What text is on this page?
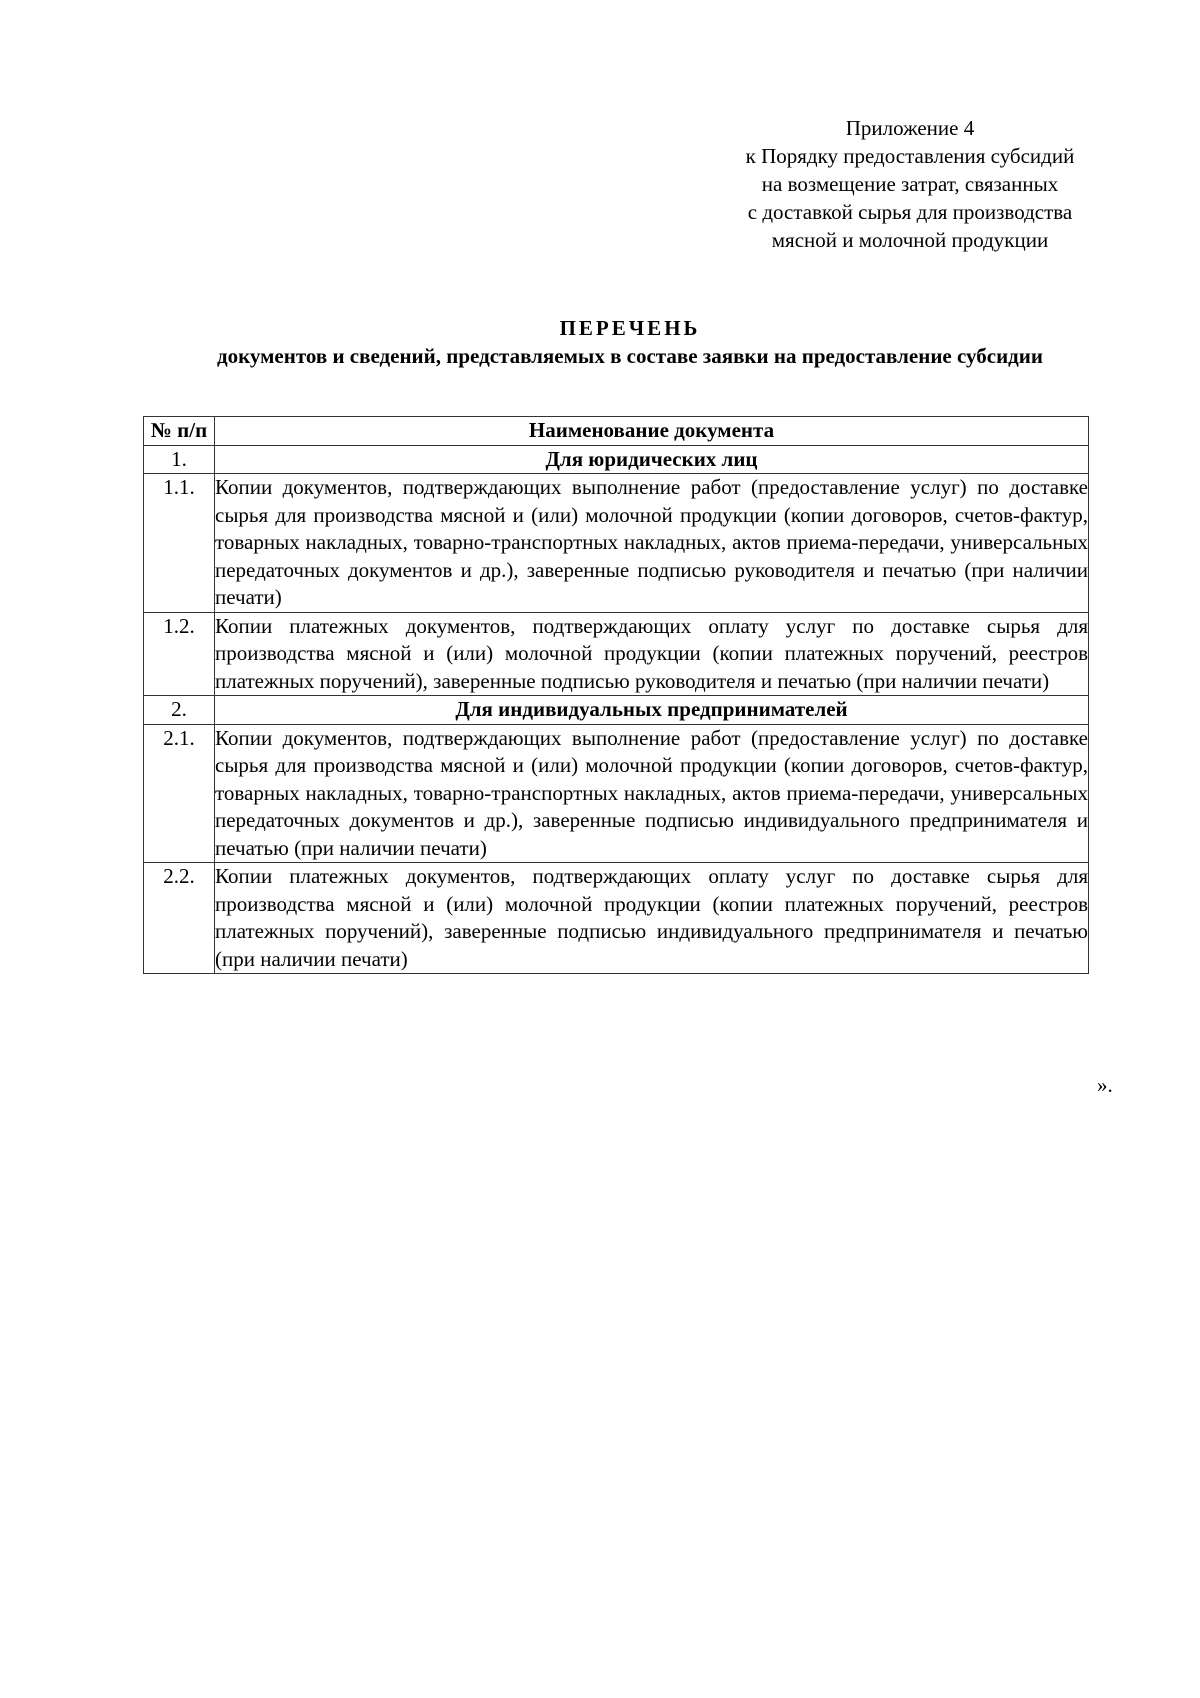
Приложение 4
к Порядку предоставления субсидий
на возмещение затрат, связанных
с доставкой сырья для производства
мясной и молочной продукции
ПЕРЕЧЕНЬ
документов и сведений, представляемых в составе заявки на предоставление субсидии
№ п/п	Наименование документа
1.	Для юридических лиц
1.1.	Копии документов, подтверждающих выполнение работ (предоставление услуг) по доставке сырья для производства мясной и (или) молочной продукции (копии договоров, счетов-фактур, товарных накладных, товарно-транспортных накладных, актов приема-передачи, универсальных передаточных документов и др.), заверенные подписью руководителя и печатью (при наличии печати)
1.2.	Копии платежных документов, подтверждающих оплату услуг по доставке сырья для производства мясной и (или) молочной продукции (копии платежных поручений, реестров платежных поручений), заверенные подписью руководителя и печатью (при наличии печати)
2.	Для индивидуальных предпринимателей
2.1.	Копии документов, подтверждающих выполнение работ (предоставление услуг) по доставке сырья для производства мясной и (или) молочной продукции (копии договоров, счетов-фактур, товарных накладных, товарно-транспортных накладных, актов приема-передачи, универсальных передаточных документов и др.), заверенные подписью индивидуального предпринимателя и печатью (при наличии печати)
2.2.	Копии платежных документов, подтверждающих оплату услуг по доставке сырья для производства мясной и (или) молочной продукции (копии платежных поручений, реестров платежных поручений), заверенные подписью индивидуального предпринимателя и печатью (при наличии печати)
».
